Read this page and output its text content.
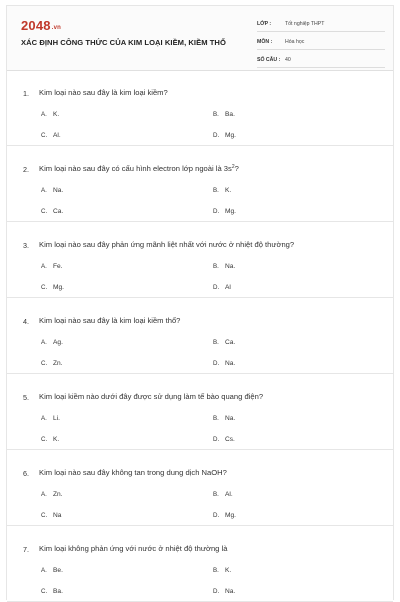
2048.vn
XÁC ĐỊNH CÔNG THỨC CỦA KIM LOẠI KIỀM, KIỀM THỔ
LỚP :	Tốt nghiệp THPT
MÔN :	Hóa học
SỐ CÂU : 40
1. Kim loại nào sau đây là kim loại kiềm?
A. K.	B. Ba.
C. Al.	D. Mg.
2. Kim loại nào sau đây có cấu hình electron lớp ngoài là $3s^2$?
A. Na.	B. K.
C. Ca.	D. Mg.
3. Kim loại nào sau đây phản ứng mãnh liệt nhất với nước ở nhiệt độ thường?
A. Fe.	B. Na.
C. Mg.	D. Al
4. Kim loại nào sau đây là kim loại kiềm thổ?
A. Ag.	B. Ca.
C. Zn.	D. Na.
5. Kim loại kiềm nào dưới đây được sử dụng làm tế bào quang điện?
A. Li.	B. Na.
C. K.	D. Cs.
6. Kim loại nào sau đây không tan trong dung dịch NaOH?
A. Zn.	B. Al.
C. Na	D. Mg.
7. Kim loại không phản ứng với nước ở nhiệt độ thường là
A. Be.	B. K.
C. Ba.	D. Na.
